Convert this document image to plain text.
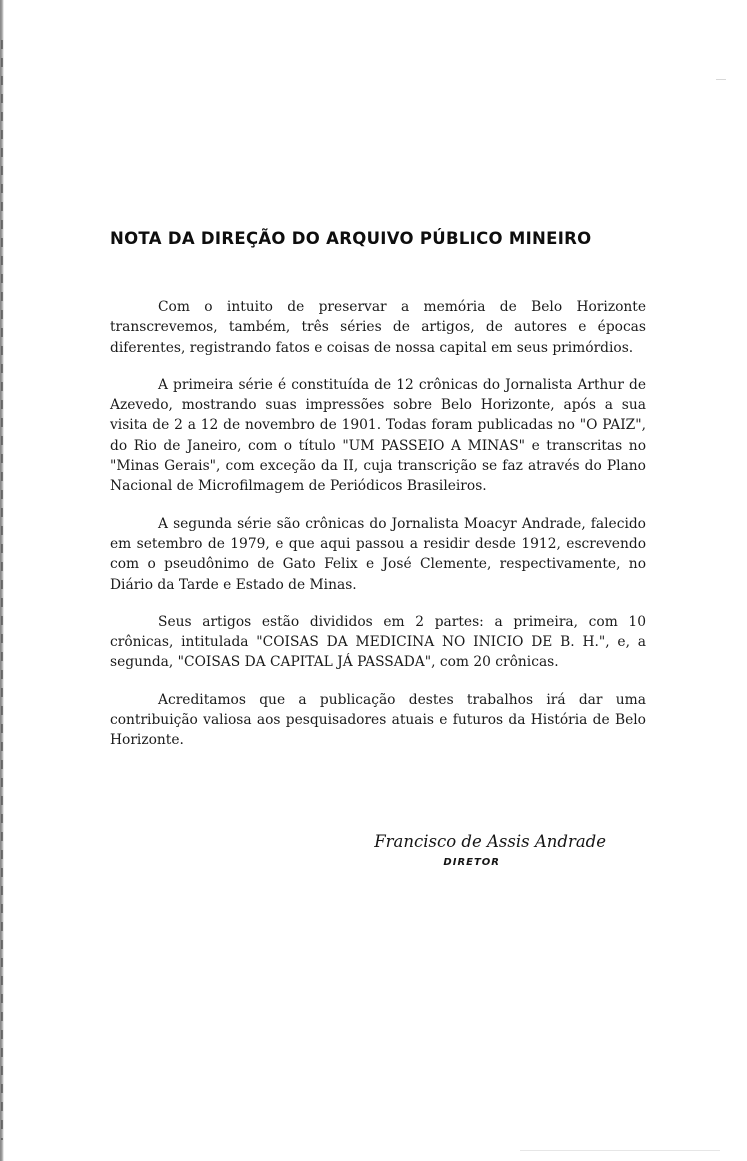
NOTA DA DIREÇÃO DO ARQUIVO PÚBLICO MINEIRO

Com o intuito de preservar a memória de Belo Horizonte transcrevemos, também, três séries de artigos, de autores e épocas diferentes, registrando fatos e coisas de nossa capital em seus primórdios.

A primeira série é constituída de 12 crônicas do Jornalista Arthur de Azevedo, mostrando suas impressões sobre Belo Horizonte, após a sua visita de 2 a 12 de novembro de 1901. Todas foram publicadas no "O PAIZ", do Rio de Janeiro, com o título "UM PASSEIO A MINAS" e transcritas no "Minas Gerais", com exceção da II, cuja transcrição se faz através do Plano Nacional de Microfilmagem de Periódicos Brasileiros.

A segunda série são crônicas do Jornalista Moacyr Andrade, falecido em setembro de 1979, e que aqui passou a residir desde 1912, escrevendo com o pseudônimo de Gato Felix e José Clemente, respectivamente, no Diário da Tarde e Estado de Minas.

Seus artigos estão divididos em 2 partes: a primeira, com 10 crônicas, intitulada "COISAS DA MEDICINA NO INICIO DE B. H.", e, a segunda, "COISAS DA CAPITAL JÁ PASSADA", com 20 crônicas.

Acreditamos que a publicação destes trabalhos irá dar uma contribuição valiosa aos pesquisadores atuais e futuros da História de Belo Horizonte.

Francisco de Assis Andrade
DIRETOR
